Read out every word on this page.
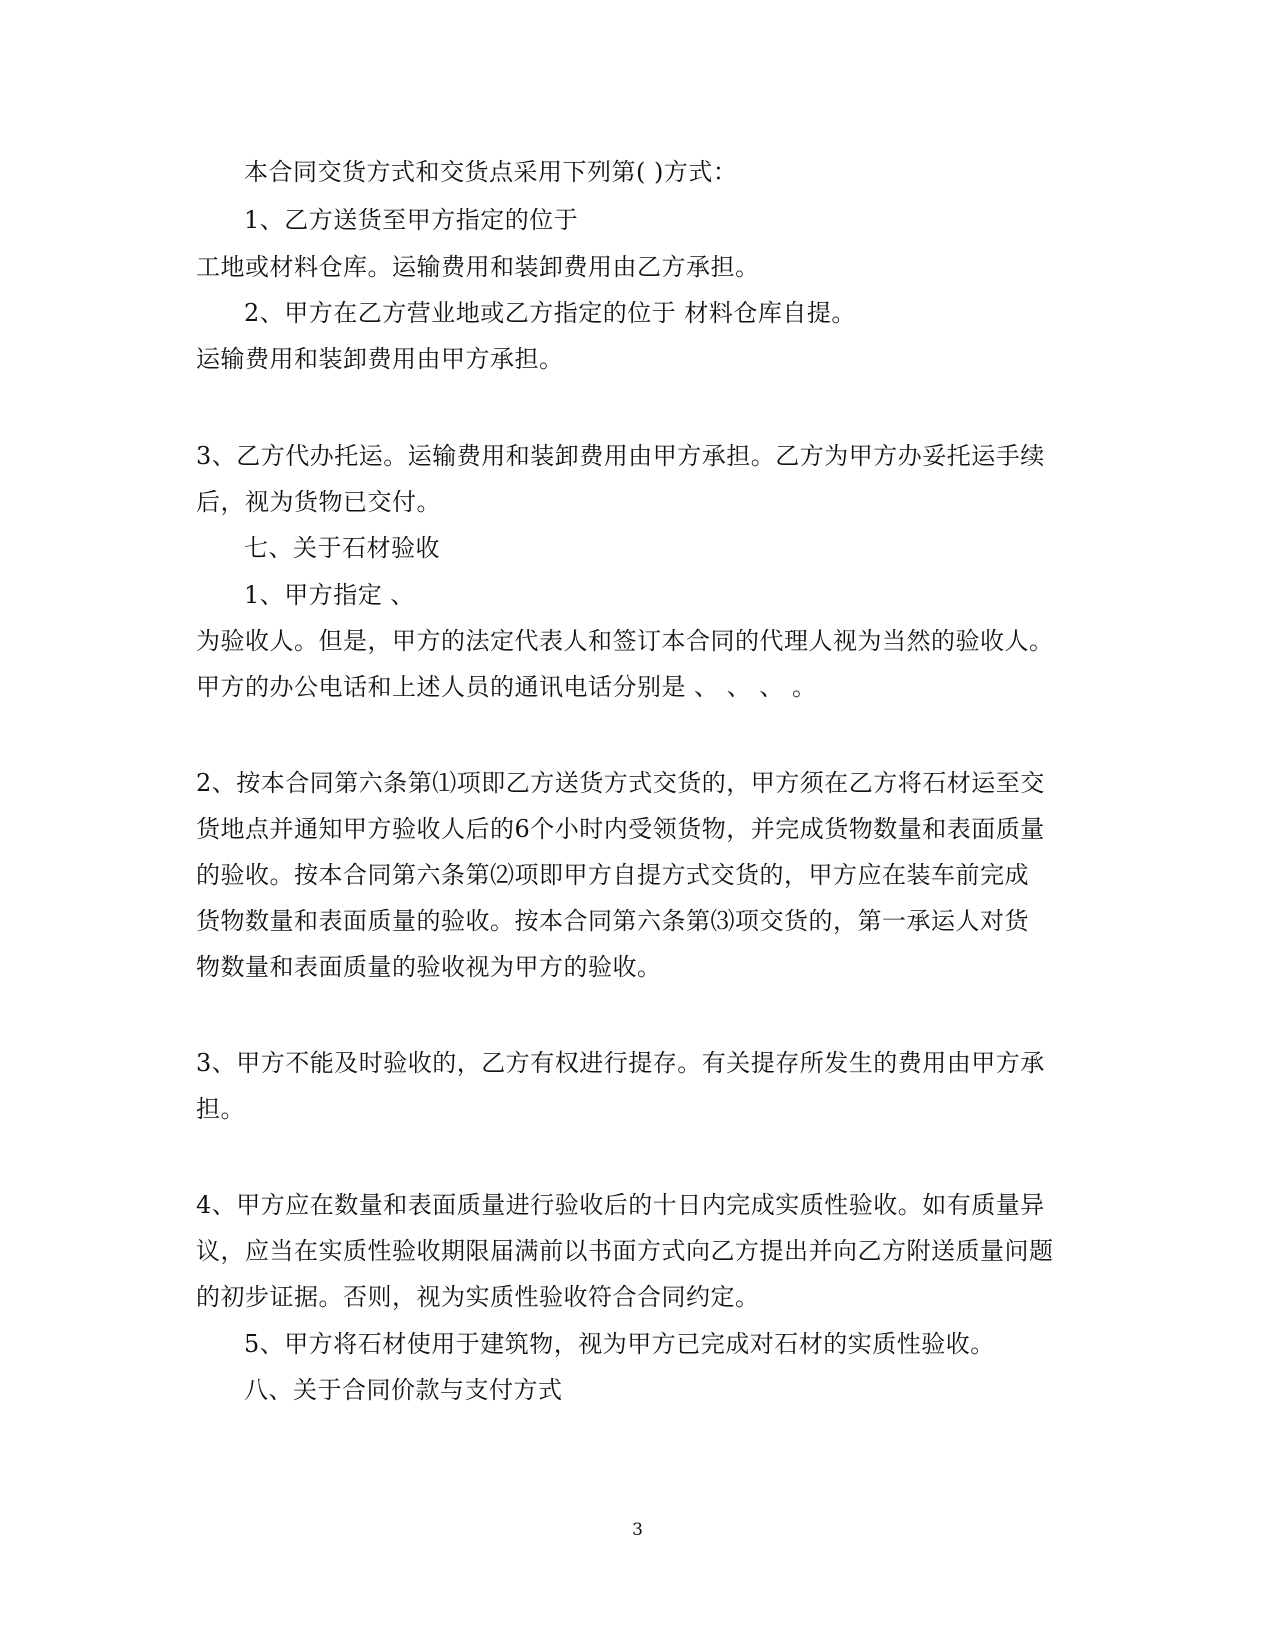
本合同交货方式和交货点采用下列第( )方式：
1、乙方送货至甲方指定的位于
工地或材料仓库。运输费用和装卸费用由乙方承担。
2、甲方在乙方营业地或乙方指定的位于 材料仓库自提。
运输费用和装卸费用由甲方承担。
3、乙方代办托运。运输费用和装卸费用由甲方承担。乙方为甲方办妥托运手续
后，视为货物已交付。
七、关于石材验收
1、甲方指定 、
为验收人。但是，甲方的法定代表人和签订本合同的代理人视为当然的验收人。
甲方的办公电话和上述人员的通讯电话分别是 、 、 、 。
2、按本合同第六条第⑴项即乙方送货方式交货的，甲方须在乙方将石材运至交
货地点并通知甲方验收人后的6个小时内受领货物，并完成货物数量和表面质量
的验收。按本合同第六条第⑵项即甲方自提方式交货的，甲方应在装车前完成
货物数量和表面质量的验收。按本合同第六条第⑶项交货的，第一承运人对货
物数量和表面质量的验收视为甲方的验收。
3、甲方不能及时验收的，乙方有权进行提存。有关提存所发生的费用由甲方承
担。
4、甲方应在数量和表面质量进行验收后的十日内完成实质性验收。如有质量异
议，应当在实质性验收期限届满前以书面方式向乙方提出并向乙方附送质量问题
的初步证据。否则，视为实质性验收符合合同约定。
5、甲方将石材使用于建筑物，视为甲方已完成对石材的实质性验收。
八、关于合同价款与支付方式
3
